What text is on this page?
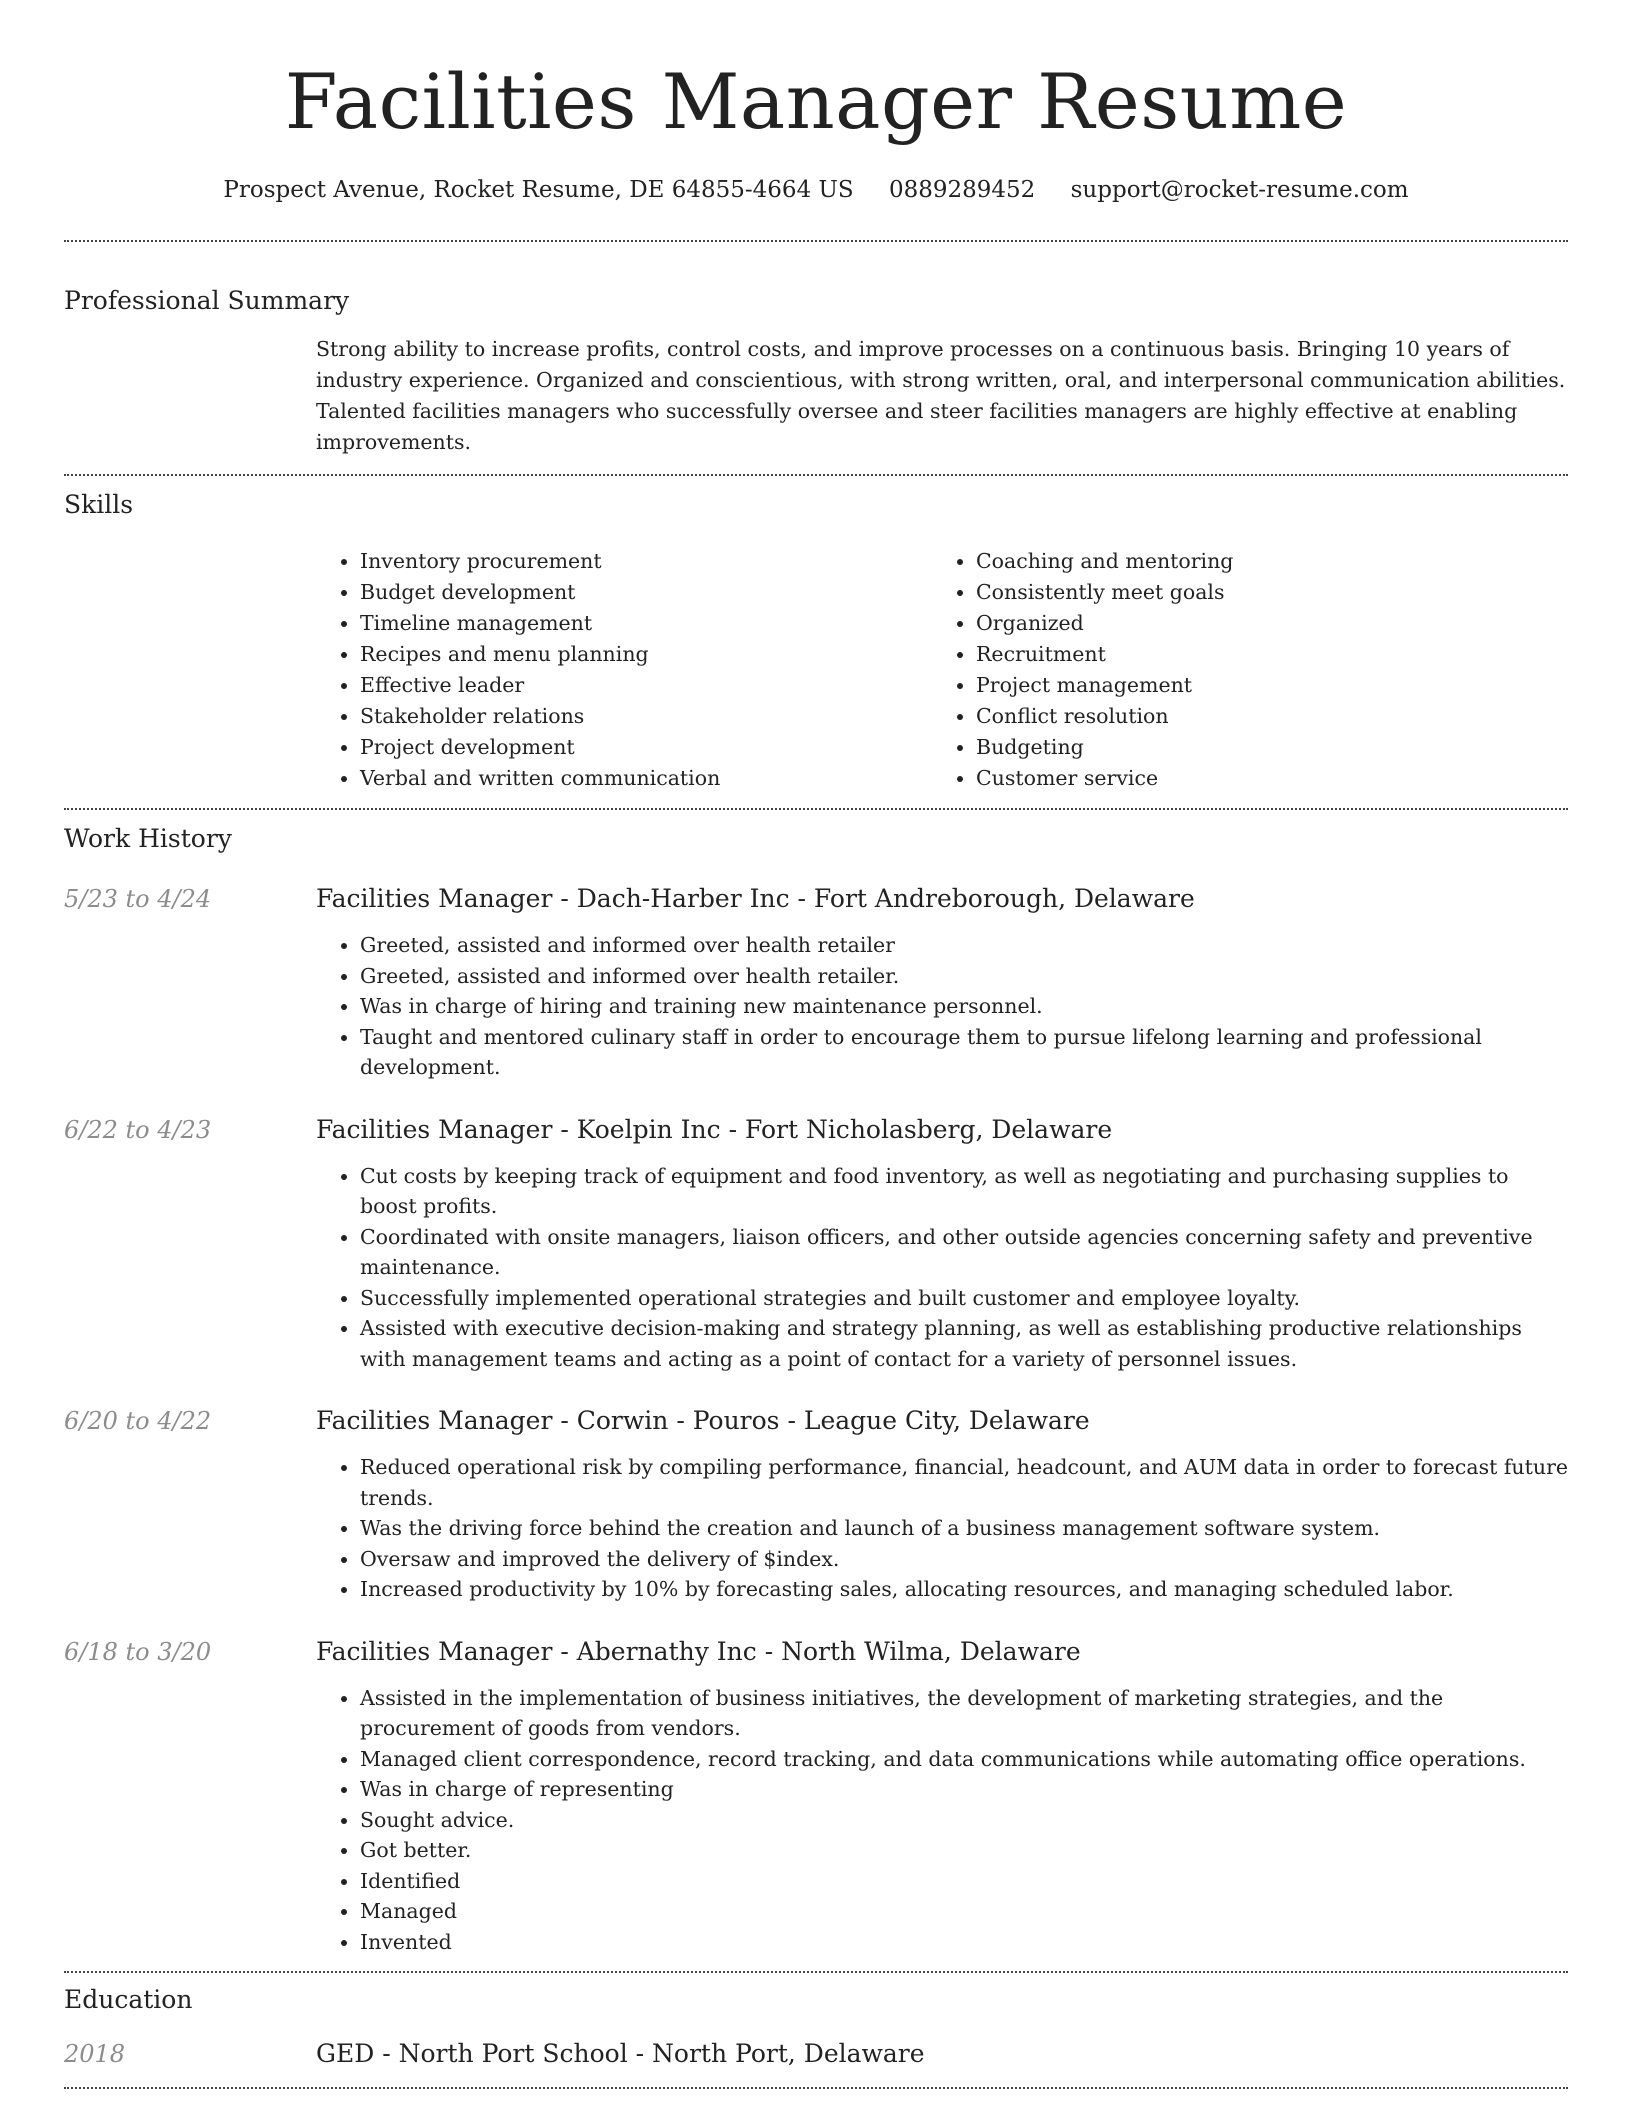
Facilities Manager Resume
Prospect Avenue, Rocket Resume, DE 64855-4664 US 0889289452 support@rocket-resume.com
Professional Summary
Strong ability to increase profits, control costs, and improve processes on a continuous basis. Bringing 10 years of industry experience. Organized and conscientious, with strong written, oral, and interpersonal communication abilities. Talented facilities managers who successfully oversee and steer facilities managers are highly effective at enabling improvements.
Skills
• Inventory procurement
• Budget development
• Timeline management
• Recipes and menu planning
• Effective leader
• Stakeholder relations
• Project development
• Verbal and written communication
• Coaching and mentoring
• Consistently meet goals
• Organized
• Recruitment
• Project management
• Conflict resolution
• Budgeting
• Customer service
Work History
5/23 to 4/24	Facilities Manager - Dach-Harber Inc - Fort Andreborough, Delaware
• Greeted, assisted and informed over health retailer
• Greeted, assisted and informed over health retailer.
• Was in charge of hiring and training new maintenance personnel.
• Taught and mentored culinary staff in order to encourage them to pursue lifelong learning and professional development.
6/22 to 4/23	Facilities Manager - Koelpin Inc - Fort Nicholasberg, Delaware
• Cut costs by keeping track of equipment and food inventory, as well as negotiating and purchasing supplies to boost profits.
• Coordinated with onsite managers, liaison officers, and other outside agencies concerning safety and preventive maintenance.
• Successfully implemented operational strategies and built customer and employee loyalty.
• Assisted with executive decision-making and strategy planning, as well as establishing productive relationships with management teams and acting as a point of contact for a variety of personnel issues.
6/20 to 4/22	Facilities Manager - Corwin - Pouros - League City, Delaware
• Reduced operational risk by compiling performance, financial, headcount, and AUM data in order to forecast future trends.
• Was the driving force behind the creation and launch of a business management software system.
• Oversaw and improved the delivery of $index.
• Increased productivity by 10% by forecasting sales, allocating resources, and managing scheduled labor.
6/18 to 3/20	Facilities Manager - Abernathy Inc - North Wilma, Delaware
• Assisted in the implementation of business initiatives, the development of marketing strategies, and the procurement of goods from vendors.
• Managed client correspondence, record tracking, and data communications while automating office operations.
• Was in charge of representing
• Sought advice.
• Got better.
• Identified
• Managed
• Invented
Education
2018	GED - North Port School - North Port, Delaware
